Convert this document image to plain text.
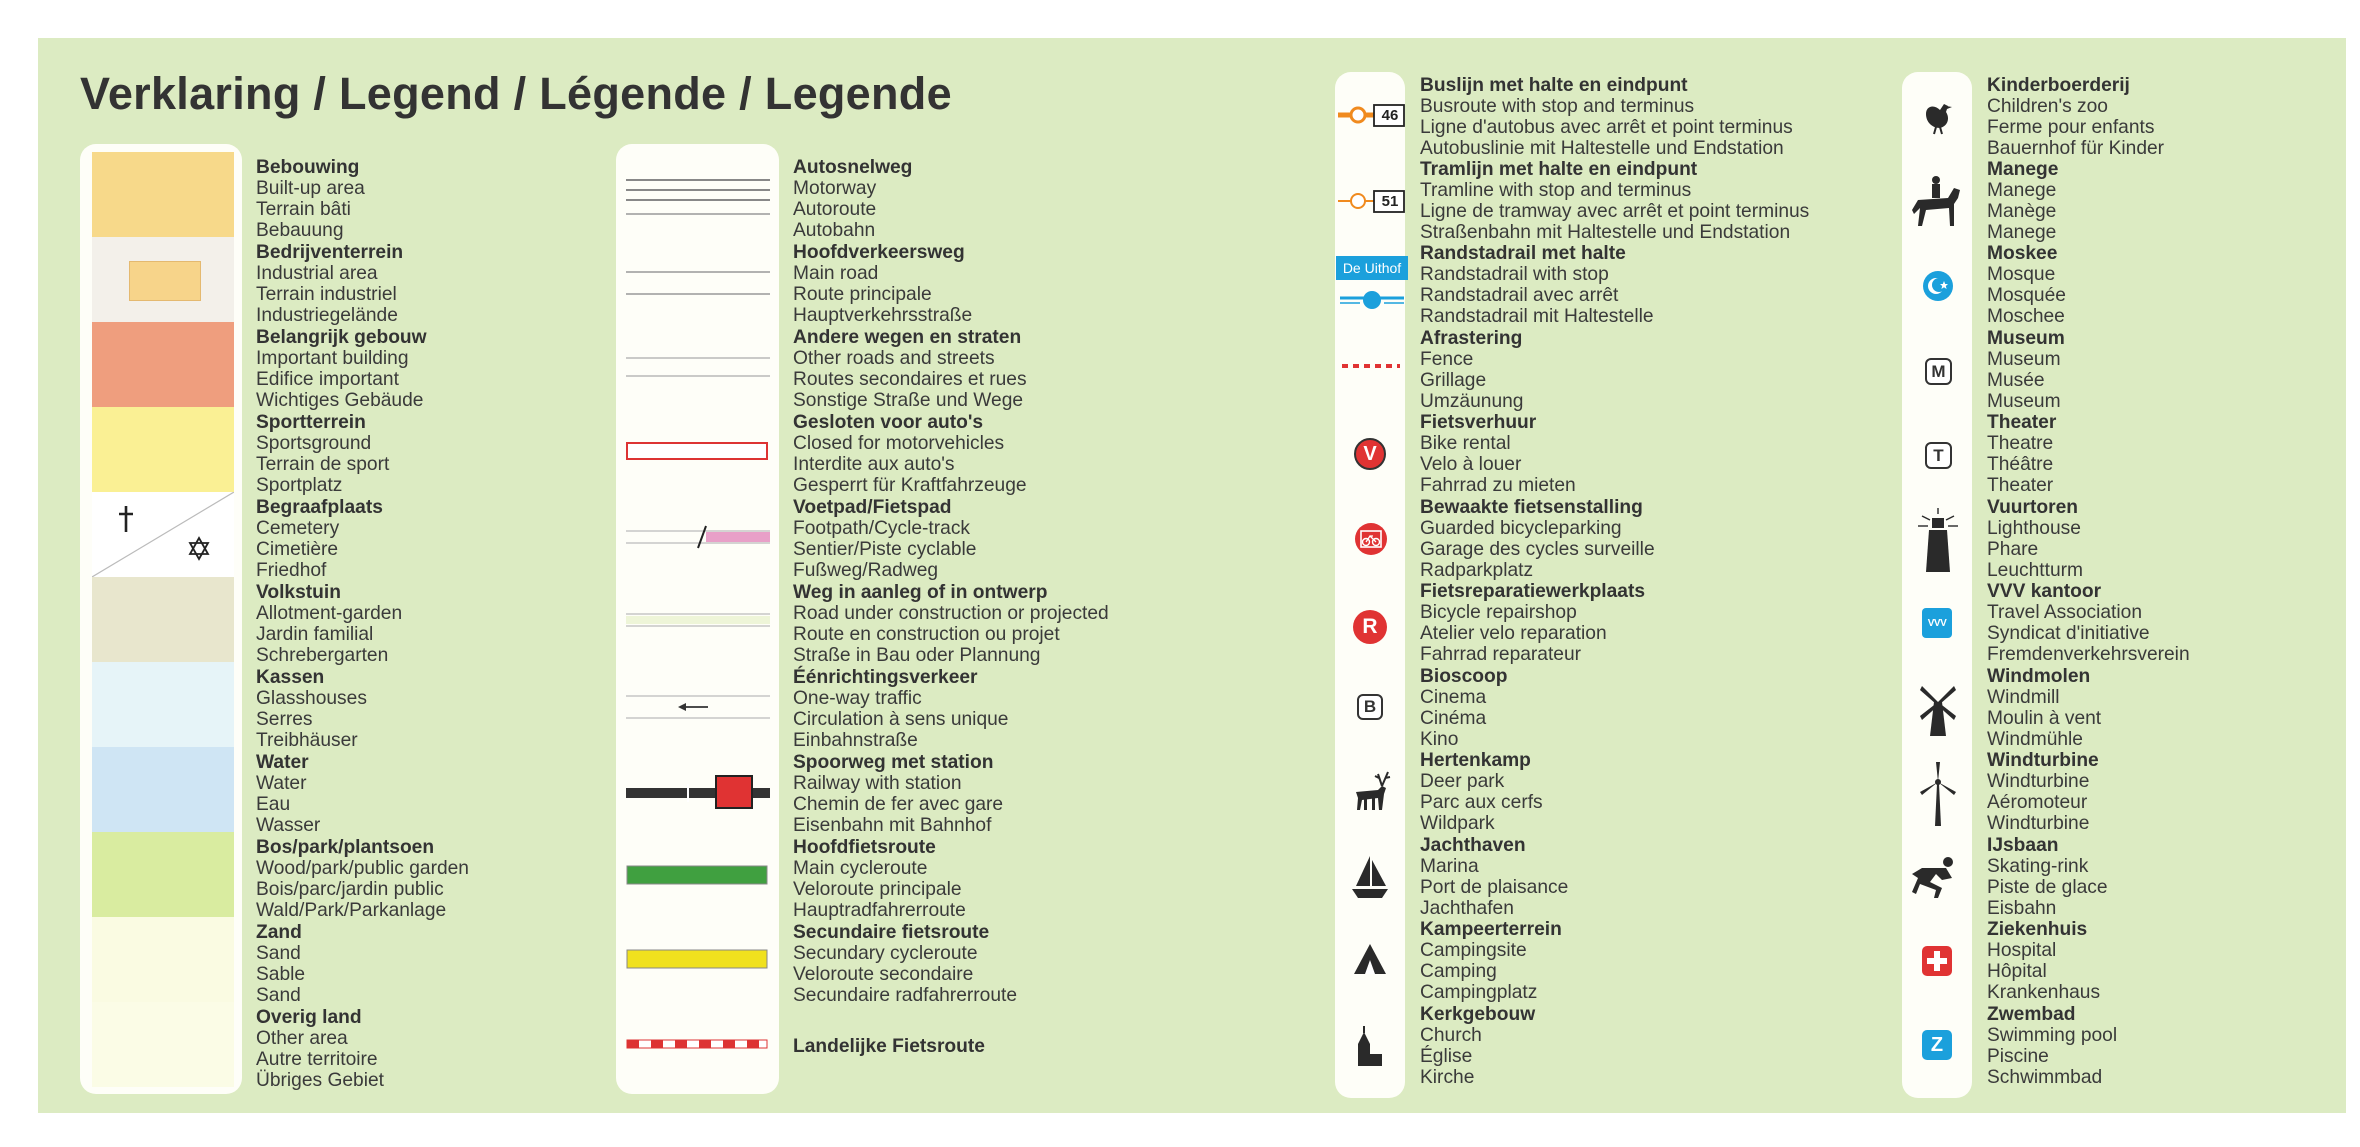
Verklaring / Legend / Légende / Legende
Bebouwing
Built-up area
Terrain bâti
Bebauung
Bedrijventerrein
Industrial area
Terrain industriel
Industriegelände
Belangrijk gebouw
Important building
Edifice important
Wichtiges Gebäude
Sportterrein
Sportsground
Terrain de sport
Sportplatz
Begraafplaats
Cemetery
Cimetière
Friedhof
Volkstuin
Allotment-garden
Jardin familial
Schrebergarten
Kassen
Glasshouses
Serres
Treibhäuser
Water
Water
Eau
Wasser
Bos/park/plantsoen
Wood/park/public garden
Bois/parc/jardin public
Wald/Park/Parkanlage
Zand
Sand
Sable
Sand
Overig land
Other area
Autre territoire
Übriges Gebiet
Autosnelweg
Motorway
Autoroute
Autobahn
Hoofdverkeersweg
Main road
Route principale
Hauptverkehrsstraße
Andere wegen en straten
Other roads and streets
Routes secondaires et rues
Sonstige Straße und Wege
Gesloten voor auto's
Closed for motorvehicles
Interdite aux auto's
Gesperrt für Kraftfahrzeuge
Voetpad/Fietspad
Footpath/Cycle-track
Sentier/Piste cyclable
Fußweg/Radweg
Weg in aanleg of in ontwerp
Road under construction or projected
Route en construction ou projet
Straße in Bau oder Plannung
Éénrichtingsverkeer
One-way traffic
Circulation à sens unique
Einbahnstraße
Spoorweg met station
Railway with station
Chemin de fer avec gare
Eisenbahn mit Bahnhof
Hoofdfietsroute
Main cycleroute
Veloroute principale
Hauptradfahrerroute
Secundaire fietsroute
Secundary cycleroute
Veloroute secondaire
Secundaire radfahrerroute
Landelijke Fietsroute
46
51
De Uithof
V
R
B
Buslijn met halte en eindpunt
Busroute with stop and terminus
Ligne d'autobus avec arrêt et point terminus
Autobuslinie mit Haltestelle und Endstation
Tramlijn met halte en eindpunt
Tramline with stop and terminus
Ligne de tramway avec arrêt et point terminus
Straßenbahn mit Haltestelle und Endstation
Randstadrail met halte
Randstadrail with stop
Randstadrail avec arrêt
Randstadrail mit Haltestelle
Afrastering
Fence
Grillage
Umzäunung
Fietsverhuur
Bike rental
Velo à louer
Fahrrad zu mieten
Bewaakte fietsenstalling
Guarded bicycleparking
Garage des cycles surveille
Radparkplatz
Fietsreparatiewerkplaats
Bicycle repairshop
Atelier velo reparation
Fahrrad reparateur
Bioscoop
Cinema
Cinéma
Kino
Hertenkamp
Deer park
Parc aux cerfs
Wildpark
Jachthaven
Marina
Port de plaisance
Jachthafen
Kampeerterrein
Campingsite
Camping
Campingplatz
Kerkgebouw
Church
Église
Kirche
M
T
VVV
Z
Kinderboerderij
Children's zoo
Ferme pour enfants
Bauernhof für Kinder
Manege
Manege
Manège
Manege
Moskee
Mosque
Mosquée
Moschee
Museum
Museum
Musée
Museum
Theater
Theatre
Théâtre
Theater
Vuurtoren
Lighthouse
Phare
Leuchtturm
VVV kantoor
Travel Association
Syndicat d'initiative
Fremdenverkehrsverein
Windmolen
Windmill
Moulin à vent
Windmühle
Windturbine
Windturbine
Aéromoteur
Windturbine
IJsbaan
Skating-rink
Piste de glace
Eisbahn
Ziekenhuis
Hospital
Hôpital
Krankenhaus
Zwembad
Swimming pool
Piscine
Schwimmbad
